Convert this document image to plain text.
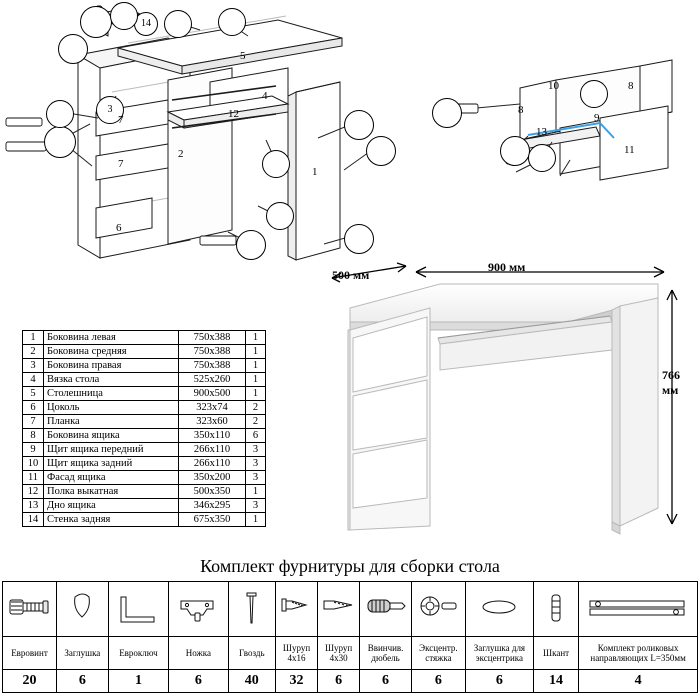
14
3
5
4
7
7
12
1
6
2
10
8
8
9
13
11
1	Боковина левая	750x388	1
2	Боковина средняя	750x388	1
3	Боковина правая	750x388	1
4	Вязка стола	525x260	1
5	Столешница	900x500	1
6	Цоколь	323x74	2
7	Планка	323x60	2
8	Боковина ящика	350x110	6
9	Щит ящика передний	266x110	3
10	Щит ящика задний	266x110	3
11	Фасад ящика	350x200	3
12	Полка выкатная	500x350	1
13	Дно ящика	346x295	3
14	Стенка задняя	675x350	1
500 мм
900 мм
766 мм
Комплект фурнитуры для сборки стола

Евровинт	Заглушка	Евроключ	Ножка	Гвоздь	Шуруп 4x16	Шуруп 4x30	Ввинчив. дюбель	Эксцентр. стяжка	Заглушка для эксцентрика	Шкант	Комплект роликовых направляющих L=350мм
20	6	1	6	40	32	6	6	6	6	14	4
